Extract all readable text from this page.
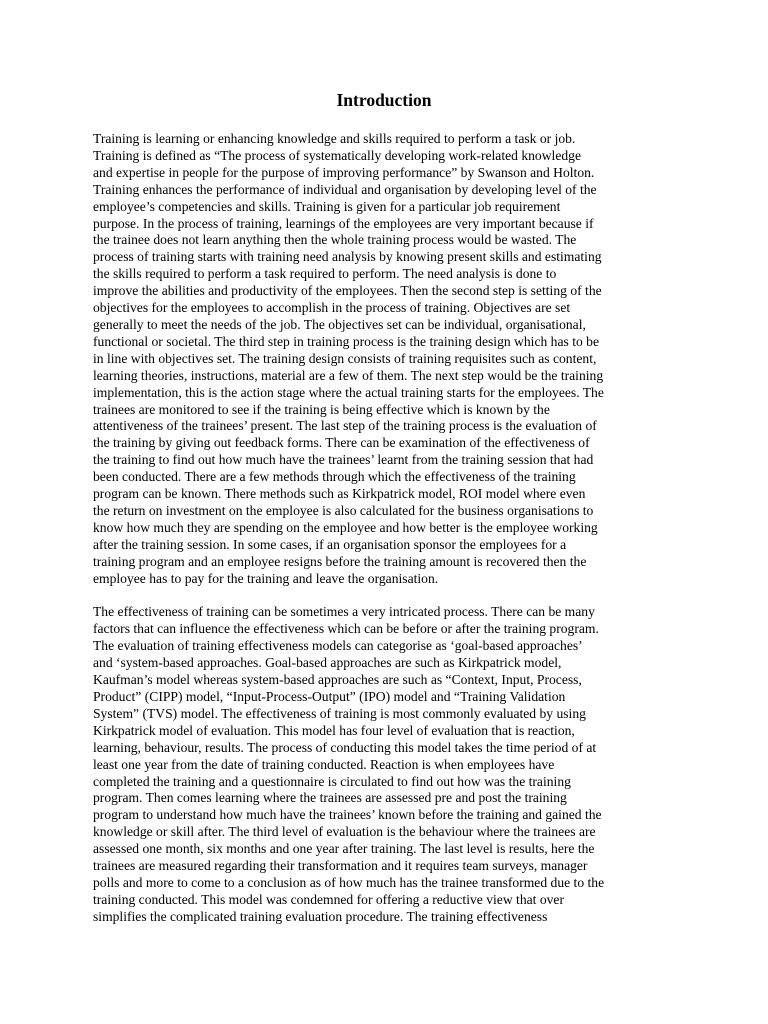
Introduction

Training is learning or enhancing knowledge and skills required to perform a task or job.
Training is defined as “The process of systematically developing work-related knowledge
and expertise in people for the purpose of improving performance” by Swanson and Holton.
Training enhances the performance of individual and organisation by developing level of the
employee’s competencies and skills. Training is given for a particular job requirement
purpose. In the process of training, learnings of the employees are very important because if
the trainee does not learn anything then the whole training process would be wasted. The
process of training starts with training need analysis by knowing present skills and estimating
the skills required to perform a task required to perform. The need analysis is done to
improve the abilities and productivity of the employees. Then the second step is setting of the
objectives for the employees to accomplish in the process of training. Objectives are set
generally to meet the needs of the job. The objectives set can be individual, organisational,
functional or societal. The third step in training process is the training design which has to be
in line with objectives set. The training design consists of training requisites such as content,
learning theories, instructions, material are a few of them. The next step would be the training
implementation, this is the action stage where the actual training starts for the employees. The
trainees are monitored to see if the training is being effective which is known by the
attentiveness of the trainees’ present. The last step of the training process is the evaluation of
the training by giving out feedback forms. There can be examination of the effectiveness of
the training to find out how much have the trainees’ learnt from the training session that had
been conducted. There are a few methods through which the effectiveness of the training
program can be known. There methods such as Kirkpatrick model, ROI model where even
the return on investment on the employee is also calculated for the business organisations to
know how much they are spending on the employee and how better is the employee working
after the training session. In some cases, if an organisation sponsor the employees for a
training program and an employee resigns before the training amount is recovered then the
employee has to pay for the training and leave the organisation.

The effectiveness of training can be sometimes a very intricated process. There can be many
factors that can influence the effectiveness which can be before or after the training program.
The evaluation of training effectiveness models can categorise as ‘goal-based approaches’
and ‘system-based approaches. Goal-based approaches are such as Kirkpatrick model,
Kaufman’s model whereas system-based approaches are such as “Context, Input, Process,
Product” (CIPP) model, “Input-Process-Output” (IPO) model and “Training Validation
System” (TVS) model. The effectiveness of training is most commonly evaluated by using
Kirkpatrick model of evaluation. This model has four level of evaluation that is reaction,
learning, behaviour, results. The process of conducting this model takes the time period of at
least one year from the date of training conducted. Reaction is when employees have
completed the training and a questionnaire is circulated to find out how was the training
program. Then comes learning where the trainees are assessed pre and post the training
program to understand how much have the trainees’ known before the training and gained the
knowledge or skill after. The third level of evaluation is the behaviour where the trainees are
assessed one month, six months and one year after training. The last level is results, here the
trainees are measured regarding their transformation and it requires team surveys, manager
polls and more to come to a conclusion as of how much has the trainee transformed due to the
training conducted. This model was condemned for offering a reductive view that over
simplifies the complicated training evaluation procedure. The training effectiveness
